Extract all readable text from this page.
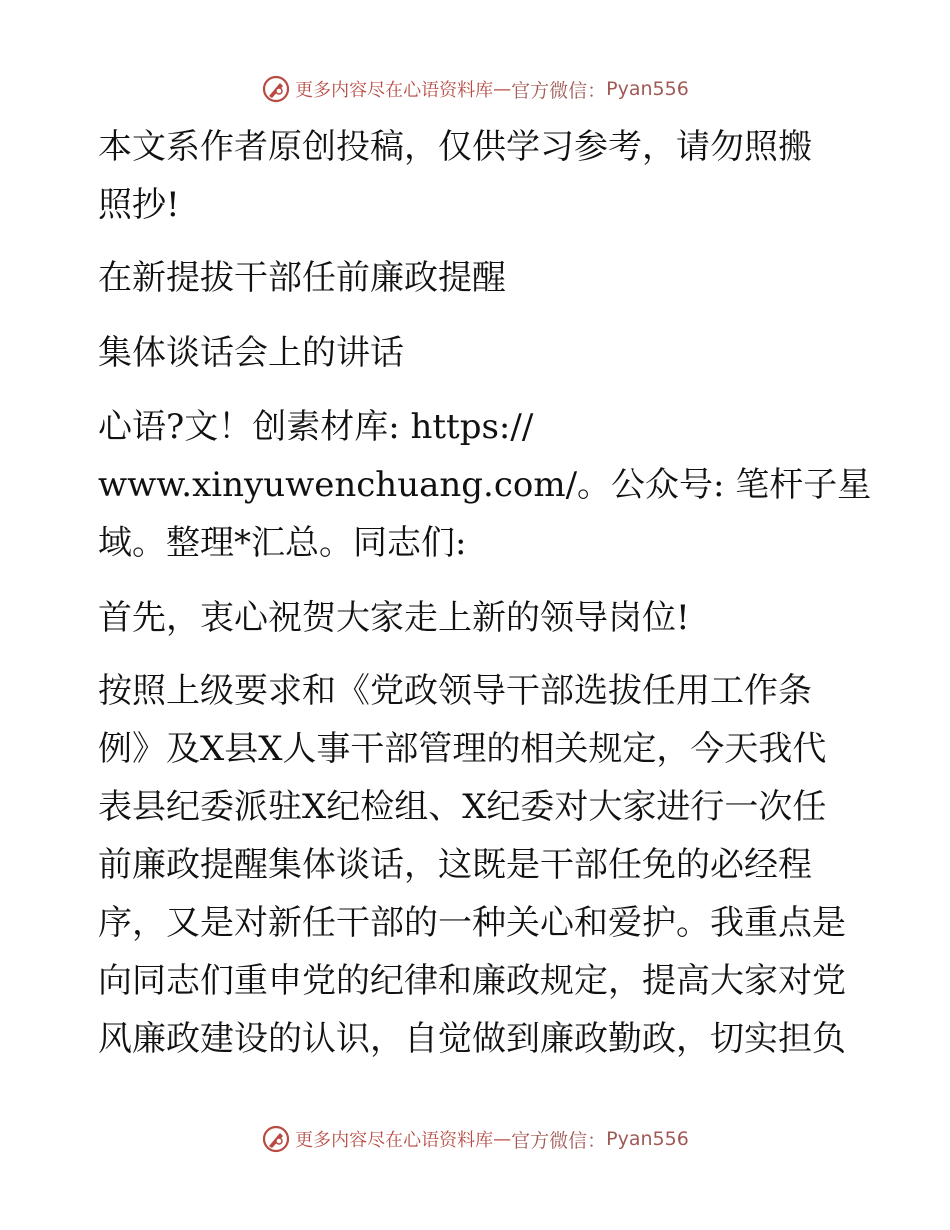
更多内容尽在心语资料库 — 官方微信： Pyan556
本文系作者原创投稿，仅供学习参考，请勿照搬
照抄!
在新提拔干部任前廉政提醒
集体谈话会上的讲话
心语?文！创素材库: https://
www.xinyuwenchuang.com/。公众号: 笔杆子星
域。整理*汇总。同志们:
首先，衷心祝贺大家走上新的领导岗位!
按照上级要求和《党政领导干部选拔任用工作条
例》及X县X人事干部管理的相关规定，今天我代
表县纪委派驻X纪检组、X纪委对大家进行一次任
前廉政提醒集体谈话，这既是干部任免的必经程
序，又是对新任干部的一种关心和爱护。我重点是
向同志们重申党的纪律和廉政规定，提高大家对党
风廉政建设的认识，自觉做到廉政勤政，切实担负
更多内容尽在心语资料库 — 官方微信： Pyan556
